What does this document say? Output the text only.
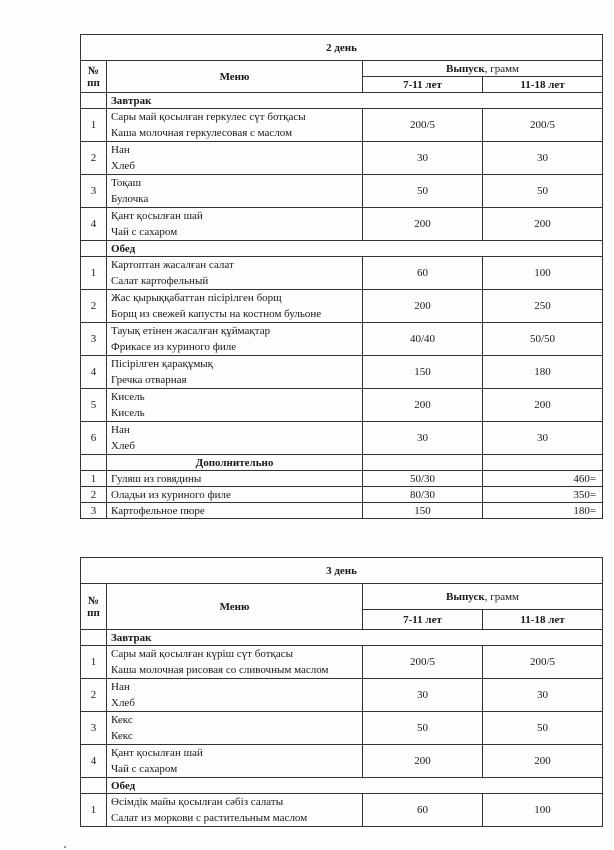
2 день			
№ пп	Меню	Выпуск, грамм	
		7-11 лет	11-18 лет
	Завтрак		
1	Сары май қосылған геркулес сүт ботқасы
Каша молочная геркулесовая с маслом	200/5	200/5
2	Нан
Хлеб	30	30
3	Тоқаш
Булочка	50	50
4	Қант қосылған шай
Чай с сахаром	200	200
	Обед		
1	Картоптан жасалған салат
Салат картофельный	60	100
2	Жас қырыққабаттан пісірілген борщ
Борщ из свежей капусты на костном бульоне	200	250
3	Тауық етінен жасалған құймақтар
Фрикасе из куриного филе	40/40	50/50
4	Пісірілген қарақұмық
Гречка отварная	150	180
5	Кисель
Кисель	200	200
6	Нан
Хлеб	30	30
	Дополнительно		
1	Гуляш из говядины	50/30	460=
2	Оладьи из куриного филе	80/30	350=
3	Картофельное пюре	150	180=
3 день			
№ пп	Меню	Выпуск, грамм	
		7-11 лет	11-18 лет
	Завтрак		
1	Сары май қосылған күріш сүт ботқасы
Каша молочная рисовая со сливочным маслом	200/5	200/5
2	Нан
Хлеб	30	30
3	Кекс
Кекс	50	50
4	Қант қосылған шай
Чай с сахаром	200	200
	Обед		
1	Өсімдік майы қосылған сәбіз салаты
Салат из моркови с растительным маслом	60	100
